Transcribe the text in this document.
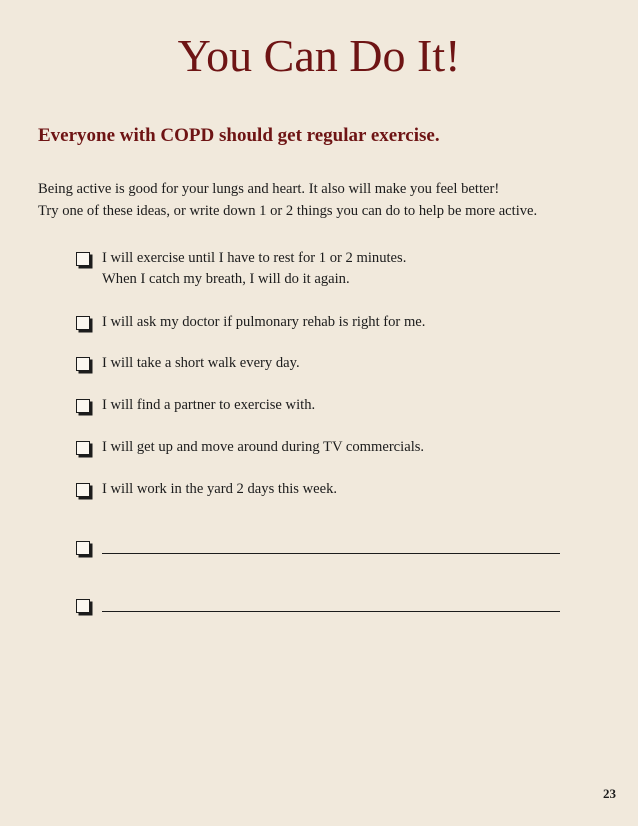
You Can Do It!
Everyone with COPD should get regular exercise.
Being active is good for your lungs and heart. It also will make you feel better!
Try one of these ideas, or write down 1 or 2 things you can do to help be more active.
I will exercise until I have to rest for 1 or 2 minutes.
When I catch my breath, I will do it again.
I will ask my doctor if pulmonary rehab is right for me.
I will take a short walk every day.
I will find a partner to exercise with.
I will get up and move around during TV commercials.
I will work in the yard 2 days this week.
23
